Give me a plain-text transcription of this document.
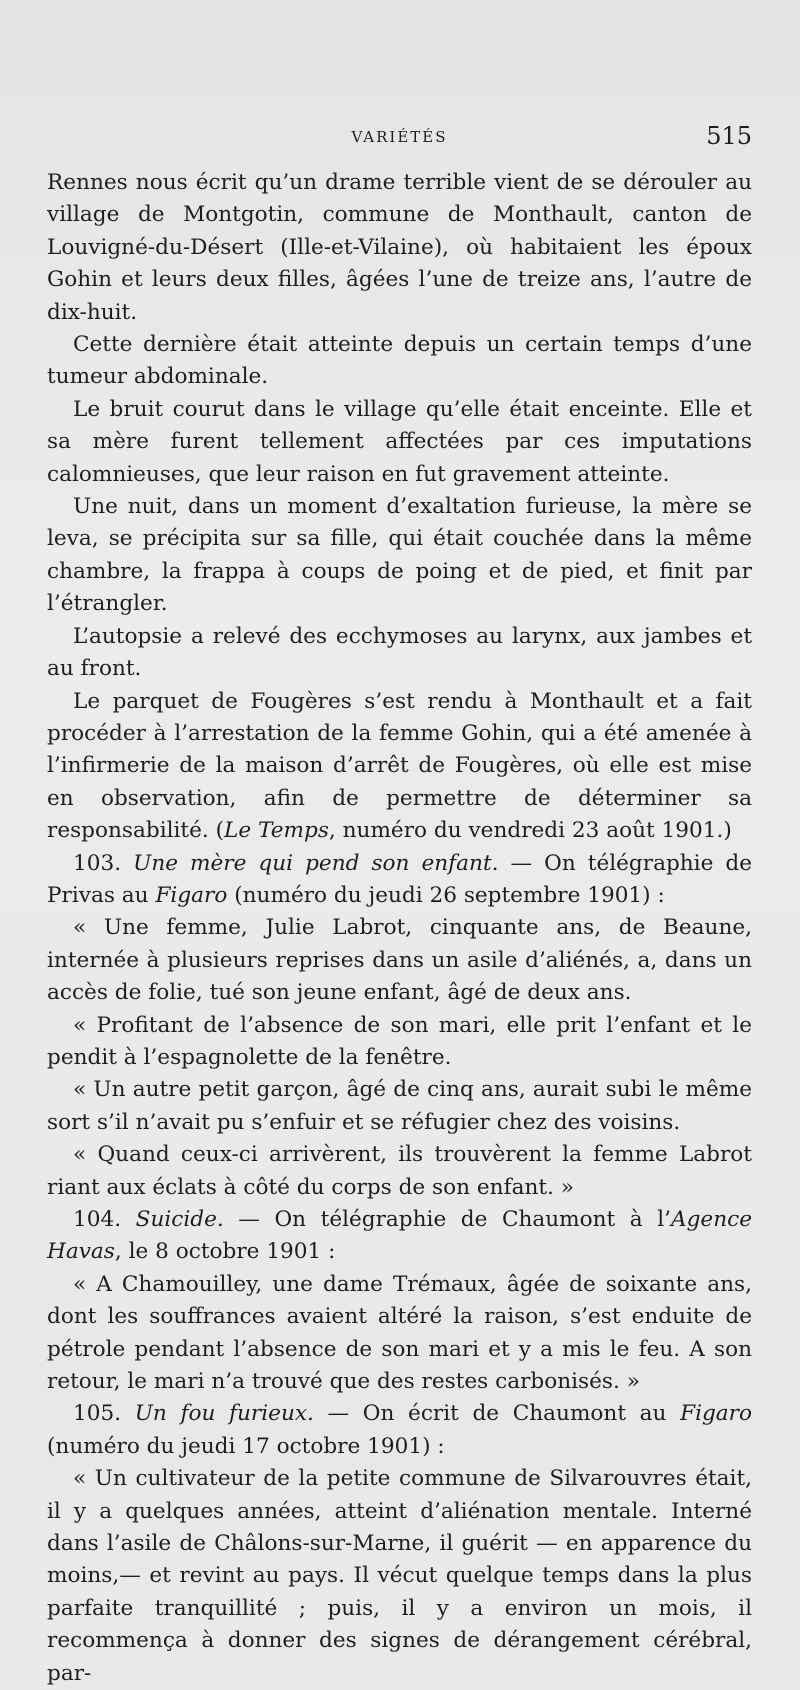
VARIÉTÉS	515

Rennes nous écrit qu’un drame terrible vient de se dérouler au village de Montgotin, commune de Monthault, canton de Louvigné-du-Désert (Ille-et-Vilaine), où habitaient les époux Gohin et leurs deux filles, âgées l’une de treize ans, l’autre de dix-huit.

Cette dernière était atteinte depuis un certain temps d’une tumeur abdominale.

Le bruit courut dans le village qu’elle était enceinte. Elle et sa mère furent tellement affectées par ces imputations calomnieuses, que leur raison en fut gravement atteinte.

Une nuit, dans un moment d’exaltation furieuse, la mère se leva, se précipita sur sa fille, qui était couchée dans la même chambre, la frappa à coups de poing et de pied, et finit par l’étrangler.

L’autopsie a relevé des ecchymoses au larynx, aux jambes et au front.

Le parquet de Fougères s’est rendu à Monthault et a fait procéder à l’arrestation de la femme Gohin, qui a été amenée à l’infirmerie de la maison d’arrêt de Fougères, où elle est mise en observation, afin de permettre de déterminer sa responsabilité. (Le Temps, numéro du vendredi 23 août 1901.)

103. Une mère qui pend son enfant. — On télégraphie de Privas au Figaro (numéro du jeudi 26 septembre 1901) :

« Une femme, Julie Labrot, cinquante ans, de Beaune, internée à plusieurs reprises dans un asile d’aliénés, a, dans un accès de folie, tué son jeune enfant, âgé de deux ans.

« Profitant de l’absence de son mari, elle prit l’enfant et le pendit à l’espagnolette de la fenêtre.

« Un autre petit garçon, âgé de cinq ans, aurait subi le même sort s’il n’avait pu s’enfuir et se réfugier chez des voisins.

« Quand ceux-ci arrivèrent, ils trouvèrent la femme Labrot riant aux éclats à côté du corps de son enfant. »

104. Suicide. — On télégraphie de Chaumont à l’Agence Havas, le 8 octobre 1901 :

« A Chamouilley, une dame Trémaux, âgée de soixante ans, dont les souffrances avaient altéré la raison, s’est enduite de pétrole pendant l’absence de son mari et y a mis le feu. A son retour, le mari n’a trouvé que des restes carbonisés. »

105. Un fou furieux. — On écrit de Chaumont au Figaro (numéro du jeudi 17 octobre 1901) :

« Un cultivateur de la petite commune de Silvarouvres était, il y a quelques années, atteint d’aliénation mentale. Interné dans l’asile de Châlons-sur-Marne, il guérit — en apparence du moins,— et revint au pays. Il vécut quelque temps dans la plus parfaite tranquillité ; puis, il y a environ un mois, il recommença à donner des signes de dérangement cérébral, par-
